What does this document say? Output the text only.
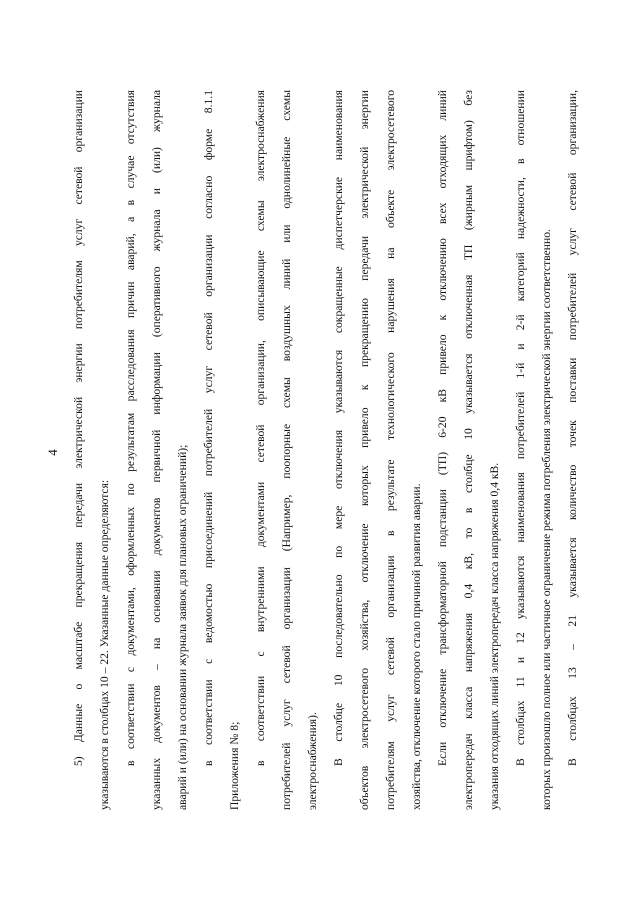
4	5) Данные о масштабе прекращения передачи электрической энергии потребителям услуг сетевой организации	указываются в столбцах 10 – 22. Указанные данные определяются:	в соответствии с документами, оформленных по результатам расследования причин аварий, а в случае отсутствия	указанных документов – на основании документов первичной информации (оперативного журнала и (или) журнала	аварий и (или) на основании журнала заявок для плановых ограничений);	в соответствии с ведомостью присоединений потребителей услуг сетевой организации согласно форме 8.1.1	Приложения № 8;	в соответствии с внутренними документами сетевой организации, описывающие схемы электроснабжения	потребителей услуг сетевой организации (Например, поопорные схемы воздушных линий или однолинейные схемы	электроснабжения).	В столбце 10 последовательно по мере отключения указываются сокращенные диспетчерские наименования	объектов электросетевого хозяйства, отключение которых привело к прекращению передачи электрической энергии	потребителям услуг сетевой организации в результате технологического нарушения на объекте электросетевого	хозяйства, отключение которого стало причиной развития аварии.	Если отключение трансформаторной подстанции (ТП) 6-20 кВ привело к отключению всех отходящих линий	электропередач класса напряжения 0,4 кВ, то в столбце 10 указывается отключенная ТП (жирным шрифтом) без	указания отходящих линий электропередач класса напряжения 0,4 кВ.	В столбцах 11 и 12 указываются наименования потребителей 1-й и 2-й категорий надежности, в отношении	которых произошло полное или частичное ограничение режима потребления электрической энергии соответственно.	В столбцах 13 – 21 указывается количество точек поставки потребителей услуг сетевой организации,
